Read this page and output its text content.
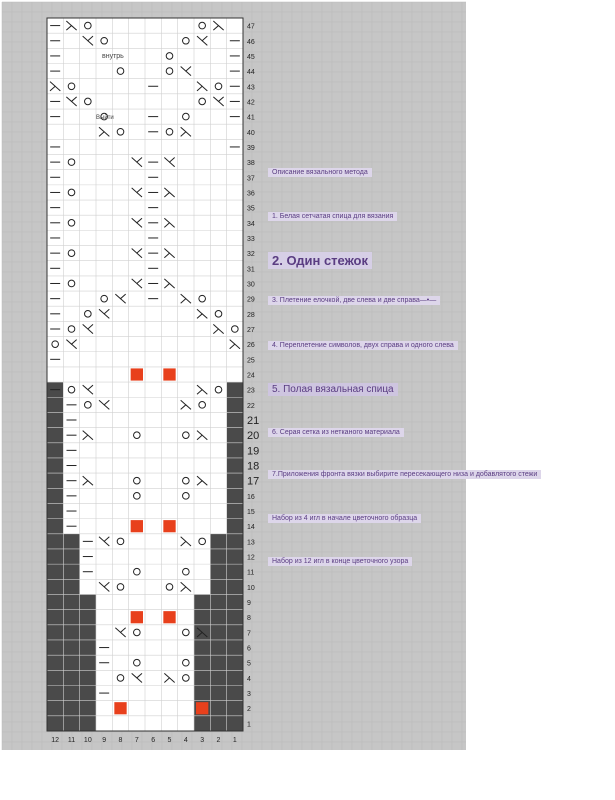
1
2
3
4
5
6
7
8
9
10
11
12
13
14
15
16
17
18
19
20
21
22
23
24
25
26
27
28
29
30
31
32
33
34
35
36
37
38
39
40
41
42
43
44
45
46
47
12 11 10 9 8 7 6 5 4 3 2 1
Описание вязального метода
1. Белая сетчатая спица для вязания
2. Один стежок
3. Плетение елочкой, две слева и две справа—•—
4. Переплетение символов, двух справа и одного слева
5. Полая вязальная спица
6. Серая сетка из нетканого материала
7.Приложения фронта вязки выбирите пересекающего низа и добавлятого стежи
Набор из 4 игл в начале цветочного образца
Набор из 12 игл в конце цветочного узора
внутрь
Выйти
